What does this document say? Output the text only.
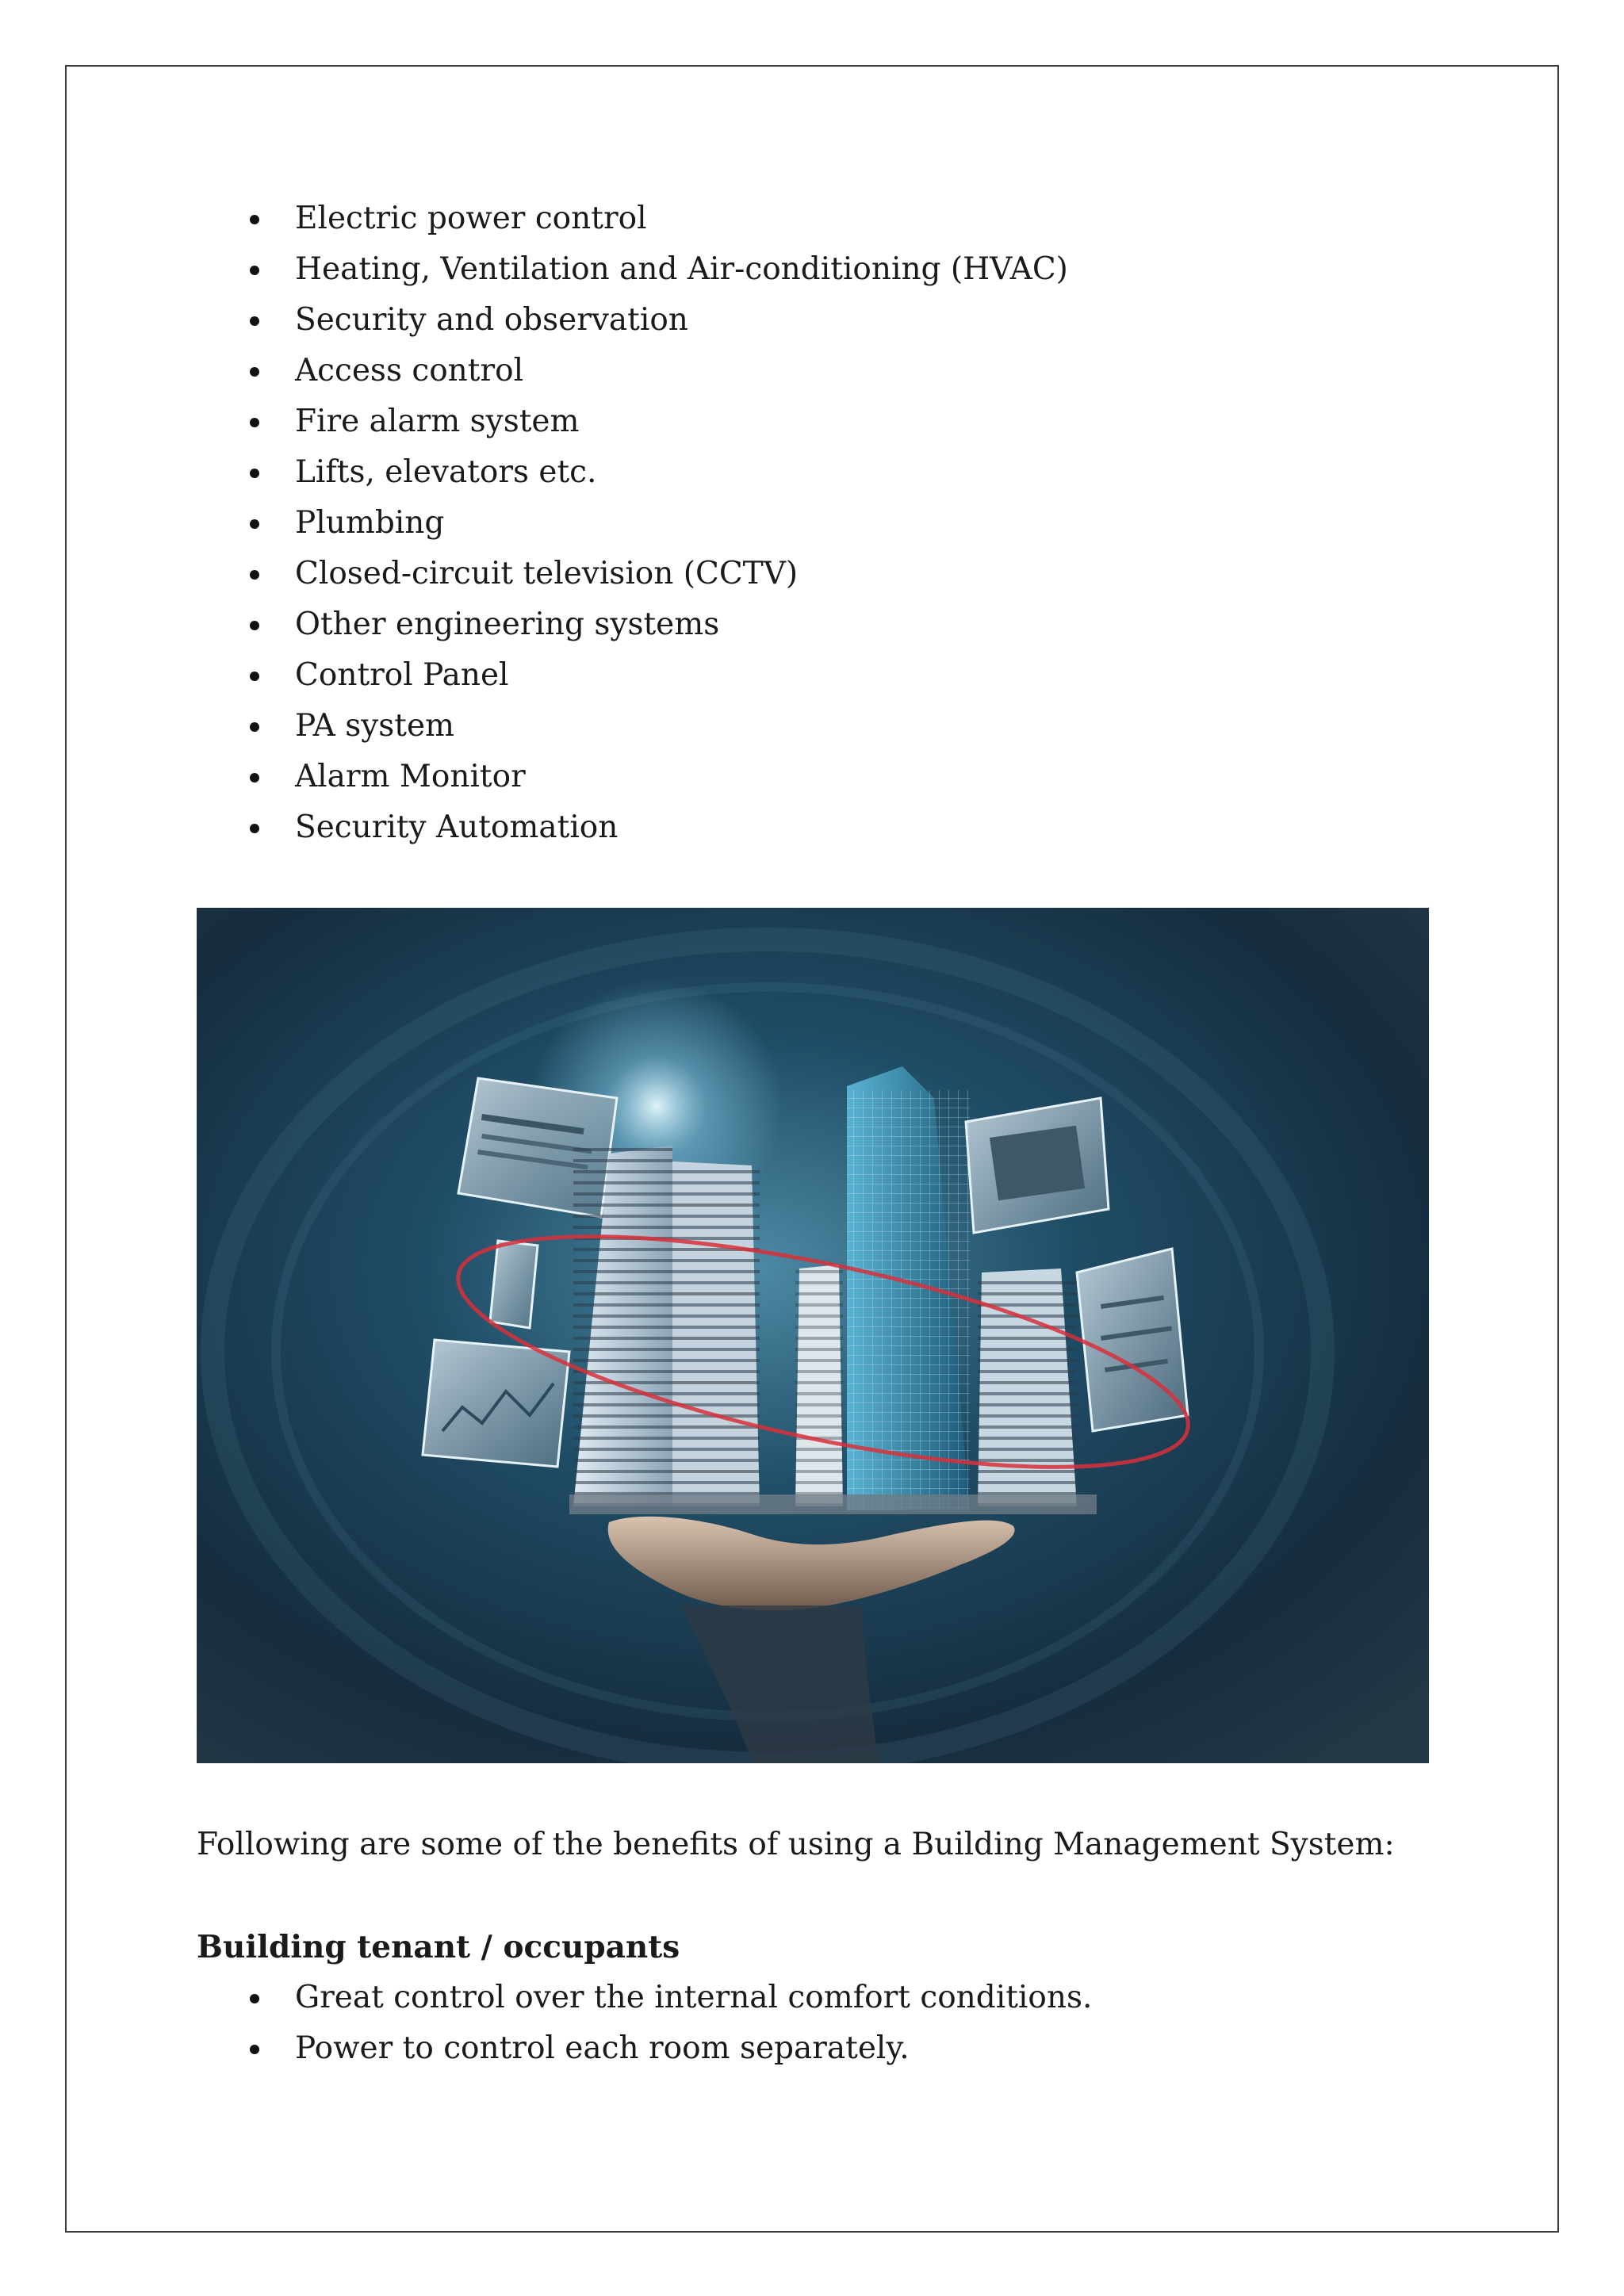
Electric power control
Heating, Ventilation and Air-conditioning (HVAC)
Security and observation
Access control
Fire alarm system
Lifts, elevators etc.
Plumbing
Closed-circuit television (CCTV)
Other engineering systems
Control Panel
PA system
Alarm Monitor
Security Automation

Following are some of the benefits of using a Building Management System:

Building tenant / occupants

Great control over the internal comfort conditions.
Power to control each room separately.
